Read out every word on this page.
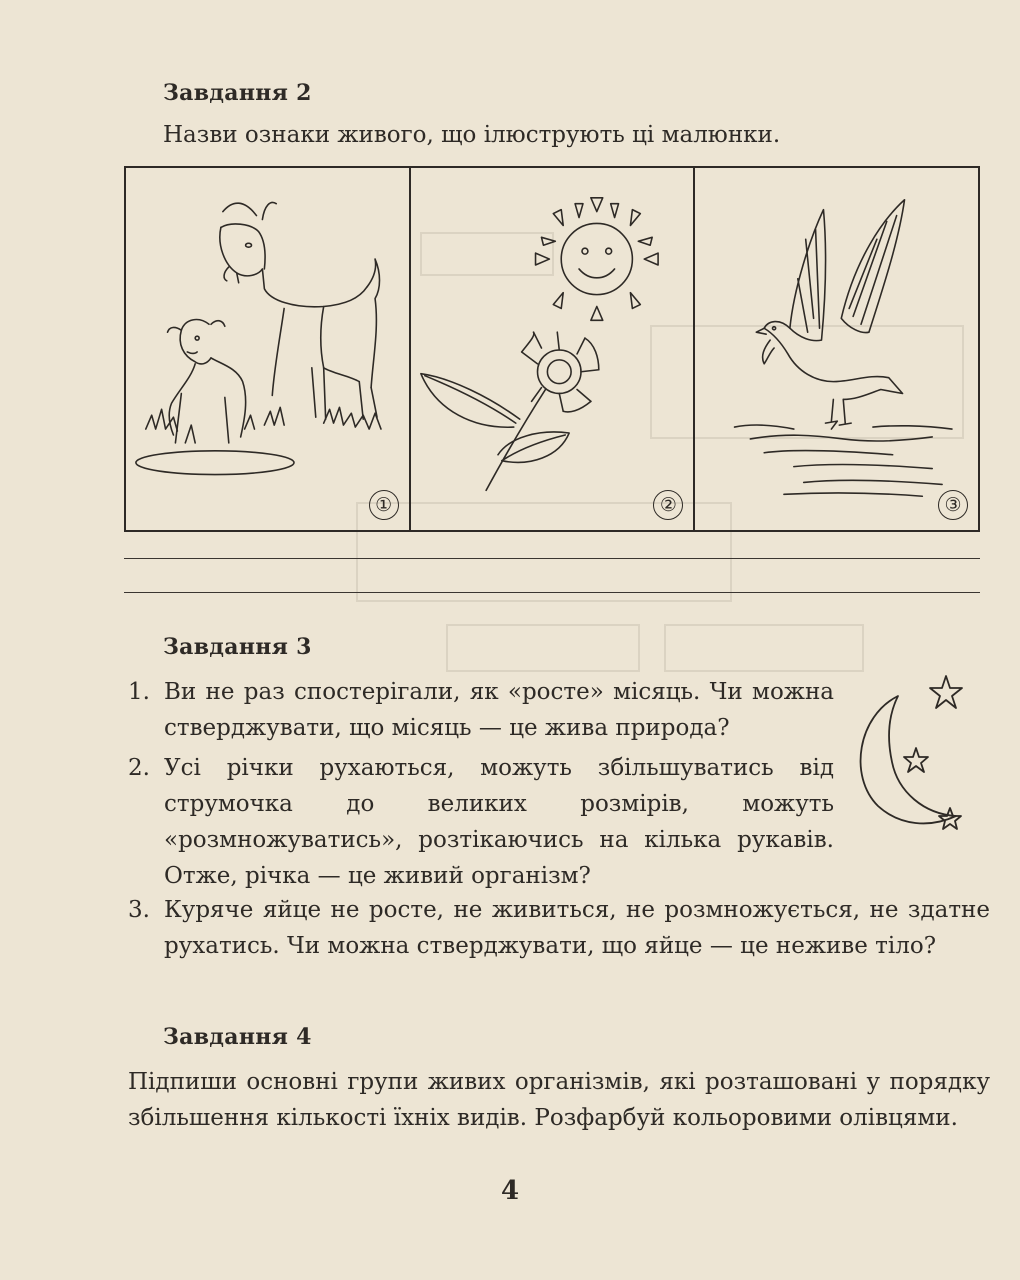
Завдання 2
Назви ознаки живого, що ілюструють ці малюнки.
①	②	③
Завдання 3
1. Ви не раз спостерігали, як «росте» місяць. Чи можна стверджувати, що місяць — це жива природа?
2. Усі річки рухаються, можуть збільшуватись від струмочка до великих розмірів, можуть «розмножуватись», розтікаючись на кілька рукавів. Отже, річка — це живий організм?
3. Куряче яйце не росте, не живиться, не розмножується, не здатне рухатись. Чи можна стверджувати, що яйце — це неживе тіло?
Завдання 4
Підпиши основні групи живих організмів, які розташовані у порядку збільшення кількості їхніх видів. Розфарбуй кольоровими олівцями.
4
